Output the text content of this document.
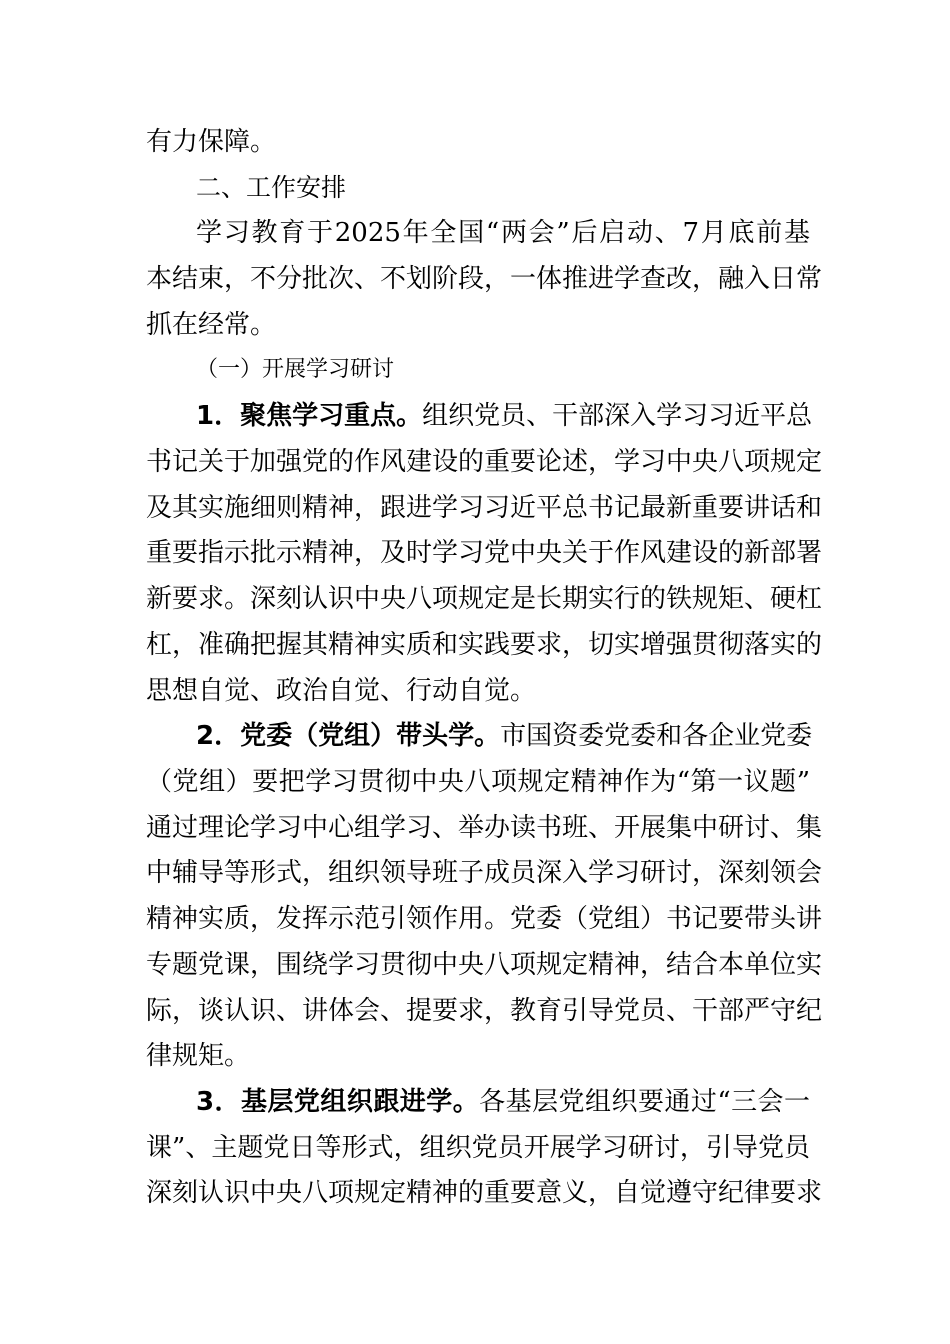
有力保障。
二、工作安排
学习教育于2025年全国“两会”后启动、7月底前基
本结束，不分批次、不划阶段，一体推进学查改，融入日常
抓在经常。
（一）开展学习研讨
1．聚焦学习重点。组织党员、干部深入学习习近平总
书记关于加强党的作风建设的重要论述，学习中央八项规定
及其实施细则精神，跟进学习习近平总书记最新重要讲话和
重要指示批示精神，及时学习党中央关于作风建设的新部署
新要求。深刻认识中央八项规定是长期实行的铁规矩、硬杠
杠，准确把握其精神实质和实践要求，切实增强贯彻落实的
思想自觉、政治自觉、行动自觉。
2．党委（党组）带头学。市国资委党委和各企业党委
（党组）要把学习贯彻中央八项规定精神作为“第一议题”
通过理论学习中心组学习、举办读书班、开展集中研讨、集
中辅导等形式，组织领导班子成员深入学习研讨，深刻领会
精神实质，发挥示范引领作用。党委（党组）书记要带头讲
专题党课，围绕学习贯彻中央八项规定精神，结合本单位实
际，谈认识、讲体会、提要求，教育引导党员、干部严守纪
律规矩。
3．基层党组织跟进学。各基层党组织要通过“三会一
课”、主题党日等形式，组织党员开展学习研讨，引导党员
深刻认识中央八项规定精神的重要意义，自觉遵守纪律要求
